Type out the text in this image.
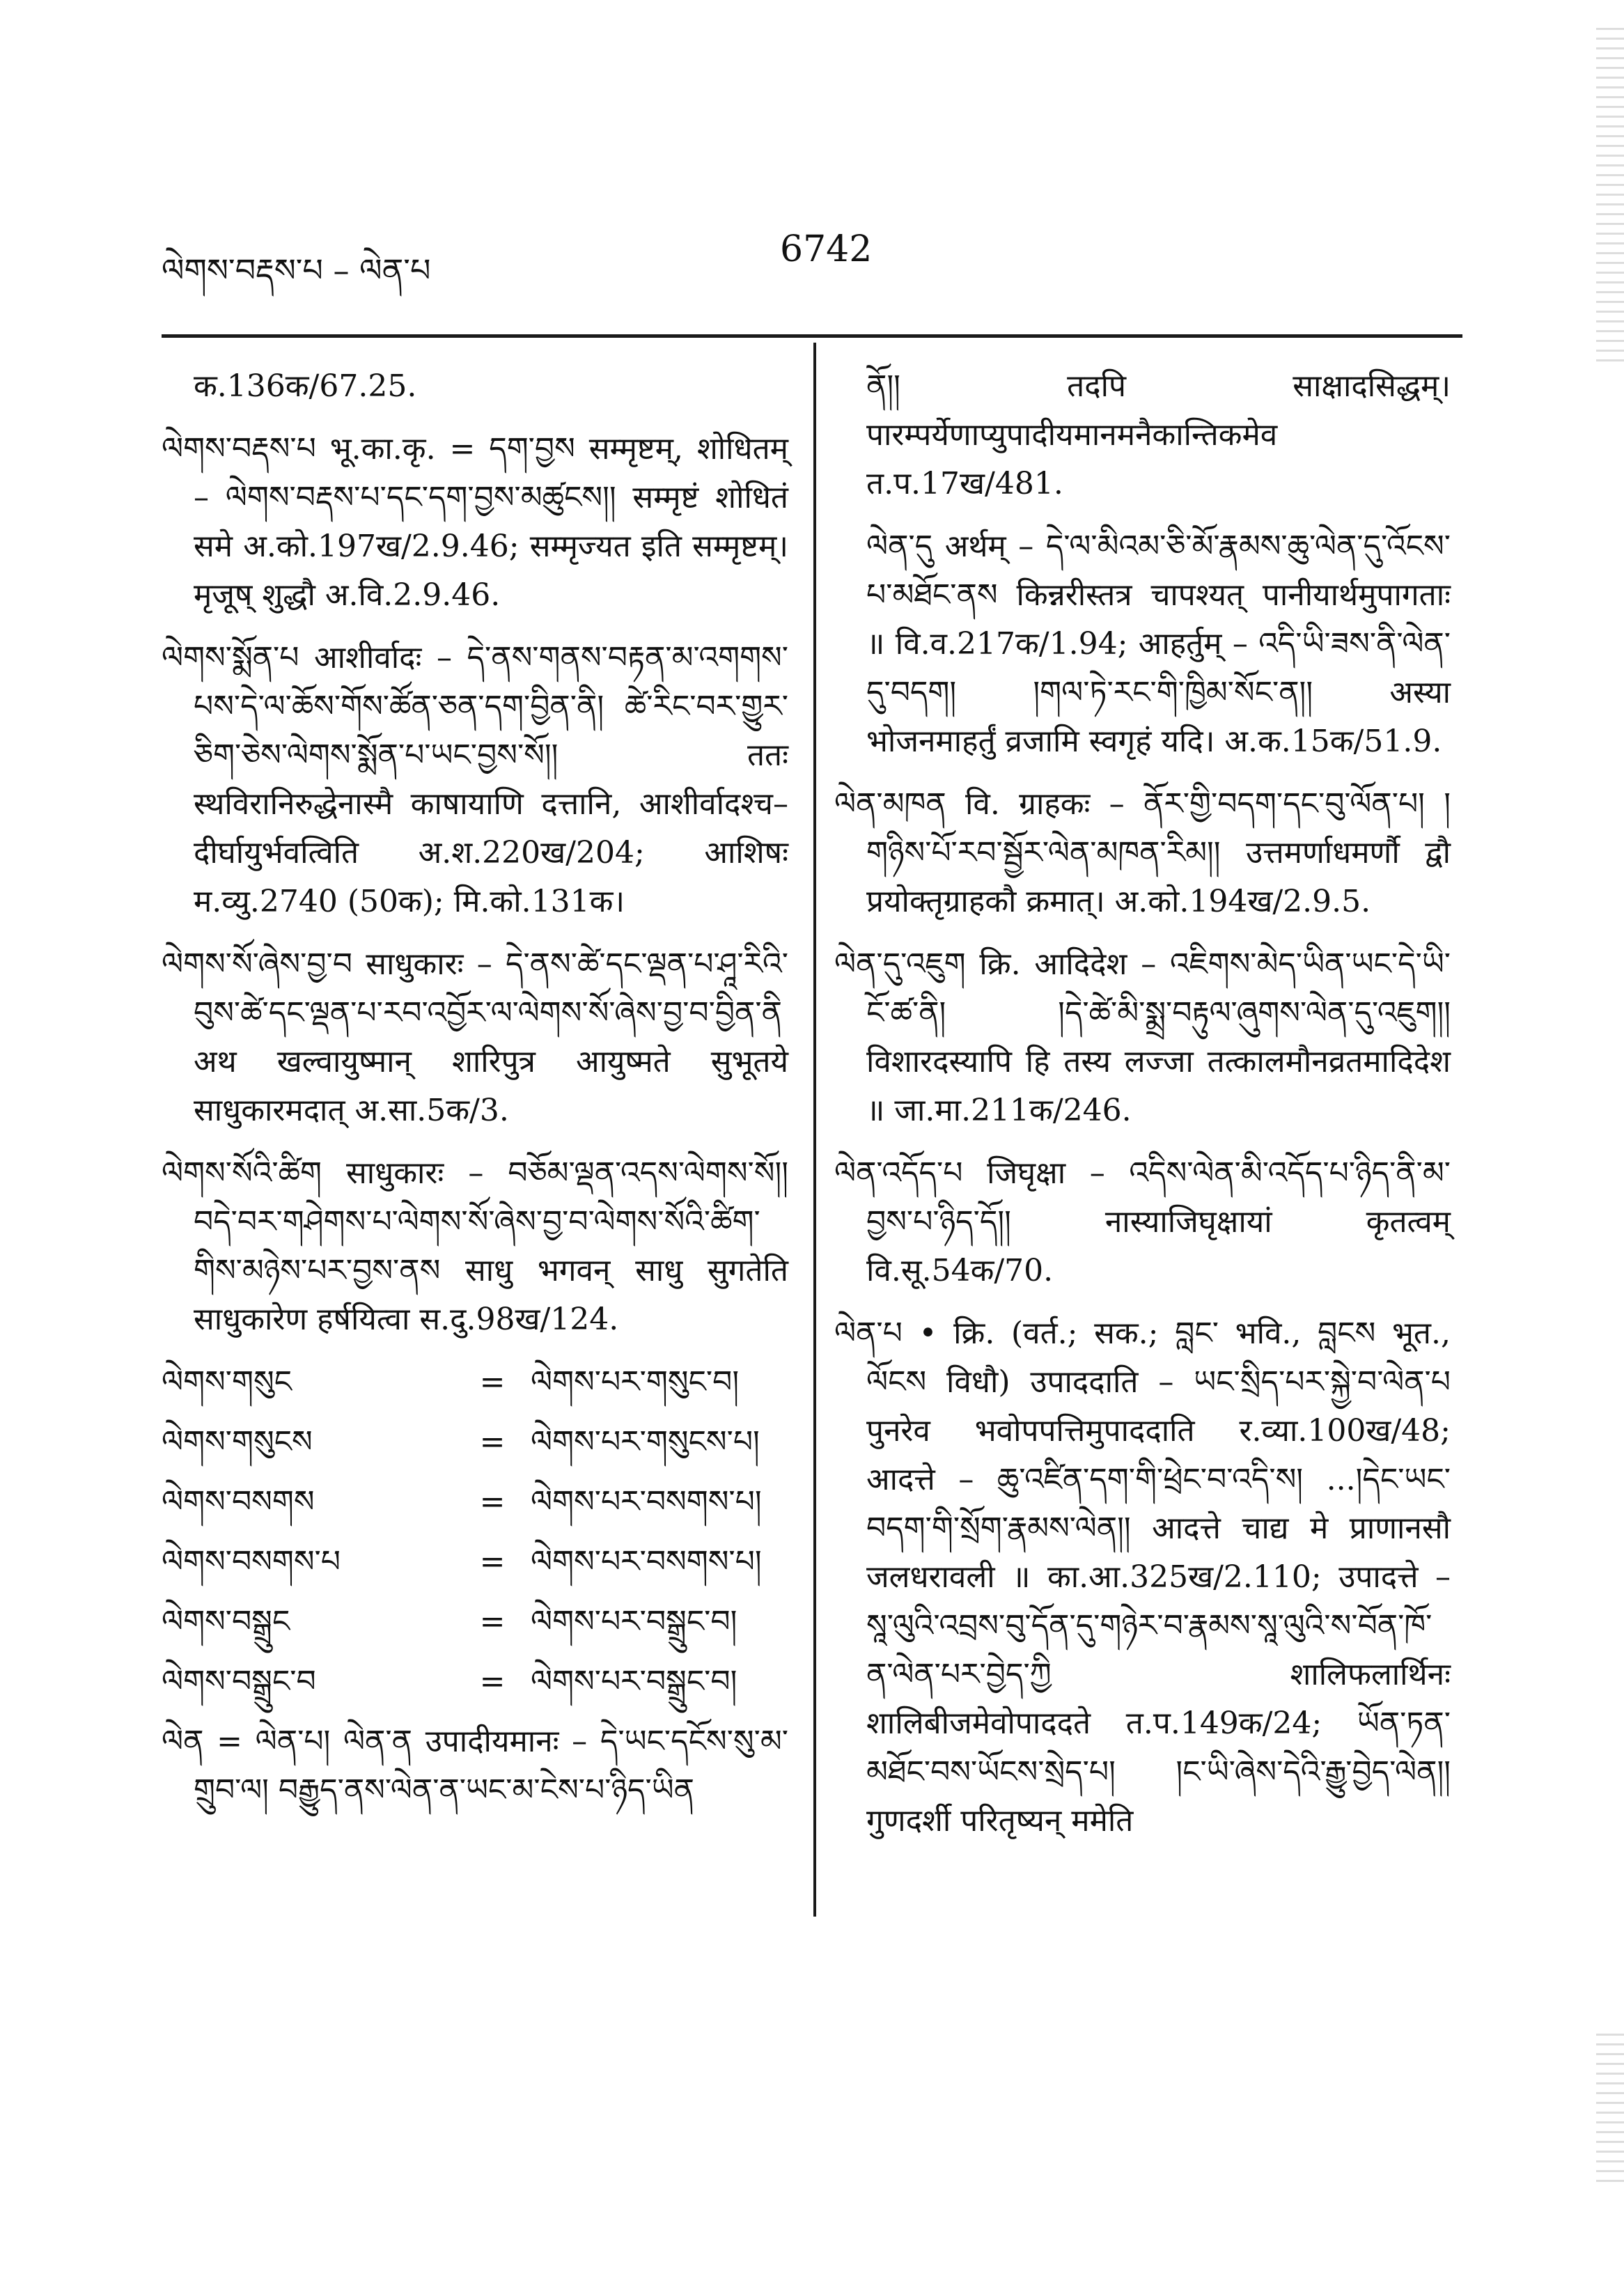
ལེགས་བརྡས་པ – ལེན་པ	6742

क.136क/67.25.

ལེགས་བརྡས་པ भू.का.कृ. = དག་བྱས सम्मृष्टम्, शोधितम् – ལེགས་བརྡས་པ་དང་དག་བྱས་མཚུངས།། सम्मृष्टं शोधितं समे अ.को.197ख/2.9.46; सम्मृज्यत इति सम्मृष्टम्। मृजूष् शुद्धौ अ.वि.2.9.46.

ལེགས་སྨོན་པ आशीर्वादः – དེ་ནས་གནས་བརྟན་མ་འགགས་པས་དེ་ལ་ཆོས་གོས་ཚོན་ཅན་དག་བྱིན་ནི། ཚེ་རིང་བར་གྱུར་ཅིག་ཅེས་ལེགས་སྨོན་པ་ཡང་བྱས་སོ།། ततः स्थविरानिरुद्धेनास्मै काषायाणि दत्तानि, आशीर्वादश्च–दीर्घायुर्भवत्विति अ.श.220ख/204; आशिषः म.व्यु.2740 (50क); मि.को.131क।

ལེགས་སོ་ཞེས་བྱ་བ साधुकारः – དེ་ནས་ཚེ་དང་ལྡན་པ་ཤཱ་རིའི་བུས་ཚེ་དང་ལྡན་པ་རབ་འབྱོར་ལ་ལེགས་སོ་ཞེས་བྱ་བ་བྱིན་ནི अथ खल्वायुष्मान् शारिपुत्र आयुष्मते सुभूतये साधुकारमदात् अ.सा.5क/3.

ལེགས་སོའི་ཚིག साधुकारः – བཅོམ་ལྡན་འདས་ལེགས་སོ།། བདེ་བར་གཤེགས་པ་ལེགས་སོ་ཞེས་བྱ་བ་ལེགས་སོའི་ཚིག་གིས་མཉེས་པར་བྱས་ནས साधु भगवन् साधु सुगतेति साधुकारेण हर्षयित्वा स.दु.98ख/124.

ལེགས་གསུང	= ལེགས་པར་གསུང་བ།
ལེགས་གསུངས	= ལེགས་པར་གསུངས་པ།
ལེགས་བསགས	= ལེགས་པར་བསགས་པ།
ལེགས་བསགས་པ	= ལེགས་པར་བསགས་པ།
ལེགས་བསྒྲུང	= ལེགས་པར་བསྒྲུང་བ།
ལེགས་བསྒྲུང་བ	= ལེགས་པར་བསྒྲུང་བ།

ལེན = ལེན་པ། ལེན་ན उपादीयमानः – དེ་ཡང་དངོས་སུ་མ་གྲུབ་ལ། བརྒྱུད་ནས་ལེན་ན་ཡང་མ་ངེས་པ་ཉིད་ཡིན

ནོ།། तदपि साक्षादसिद्धम्। पारम्पर्येणाप्युपादीयमानमनैकान्तिकमेव त.प.17ख/481.

ལེན་དུ अर्थम् – དེ་ལ་མིའམ་ཅི་མོ་རྣམས་ཆུ་ལེན་དུ་འོངས་པ་མཐོང་ནས किन्नरीस्तत्र चापश्यत् पानीयार्थमुपागताः ॥ वि.व.217क/1.94; आहर्तुम् – འདི་ཡི་ཟས་ནི་ལེན་དུ་བདག། །གལ་ཏེ་རང་གི་ཁྱིམ་སོང་ན།། अस्या भोजनमाहर्तुं व्रजामि स्वगृहं यदि। अ.क.15क/51.9.

ལེན་མཁན वि. ग्राहकः – ནོར་གྱི་བདག་དང་བུ་ལོན་པ། །གཉིས་པོ་རབ་སྦྱོར་ལེན་མཁན་རིམ།། उत्तमर्णाधमर्णौ द्वौ प्रयोक्तृग्राहकौ क्रमात्। अ.को.194ख/2.9.5.

ལེན་དུ་འཇུག क्रि. आदिदेश – འཇིགས་མེད་ཡིན་ཡང་དེ་ཡི་ངོ་ཚ་ནི། །དེ་ཚེ་མི་སྨྲ་བརྟུལ་ཞུགས་ལེན་དུ་འཇུག།། विशारदस्यापि हि तस्य लज्जा तत्कालमौनव्रतमादिदेश ॥ जा.मा.211क/246.

ལེན་འདོད་པ जिघृक्षा – འདིས་ལེན་མི་འདོད་པ་ཉིད་ནི་མ་བྱས་པ་ཉིད་དོ།། नास्याजिघृक्षायां कृतत्वम् वि.सू.54क/70.

ལེན་པ • क्रि. (वर्त.; सक.; བླང་ भवि., བླངས भूत., ལོངས विधौ) उपाददाति – ཡང་སྲིད་པར་སྐྱེ་བ་ལེན་པ पुनरेव भवोपपत्तिमुपाददाति र.व्या.100ख/48; आदत्ते – ཆུ་འཛིན་དག་གི་ཕྲེང་བ་འདི་ས། ...།དེང་ཡང་བདག་གི་སྲོག་རྣམས་ལེན།། आदत्ते चाद्य मे प्राणानसौ जलधरावली ॥ का.आ.325ख/2.110; उपादत्ते – སཱ་ལུའི་འབྲས་བུ་དོན་དུ་གཉེར་བ་རྣམས་སཱ་ལུའི་ས་བོན་ཁོ་ན་ལེན་པར་བྱེད་ཀྱི शालिफलार्थिनः शालिबीजमेवोपाददते त.प.149क/24; ཡོན་ཏན་མཐོང་བས་ཡོངས་སྲེད་པ། །ང་ཡི་ཞེས་དེའི་རྒྱུ་བྱེད་ལེན།། गुणदर्शी परितृष्यन् ममेति
